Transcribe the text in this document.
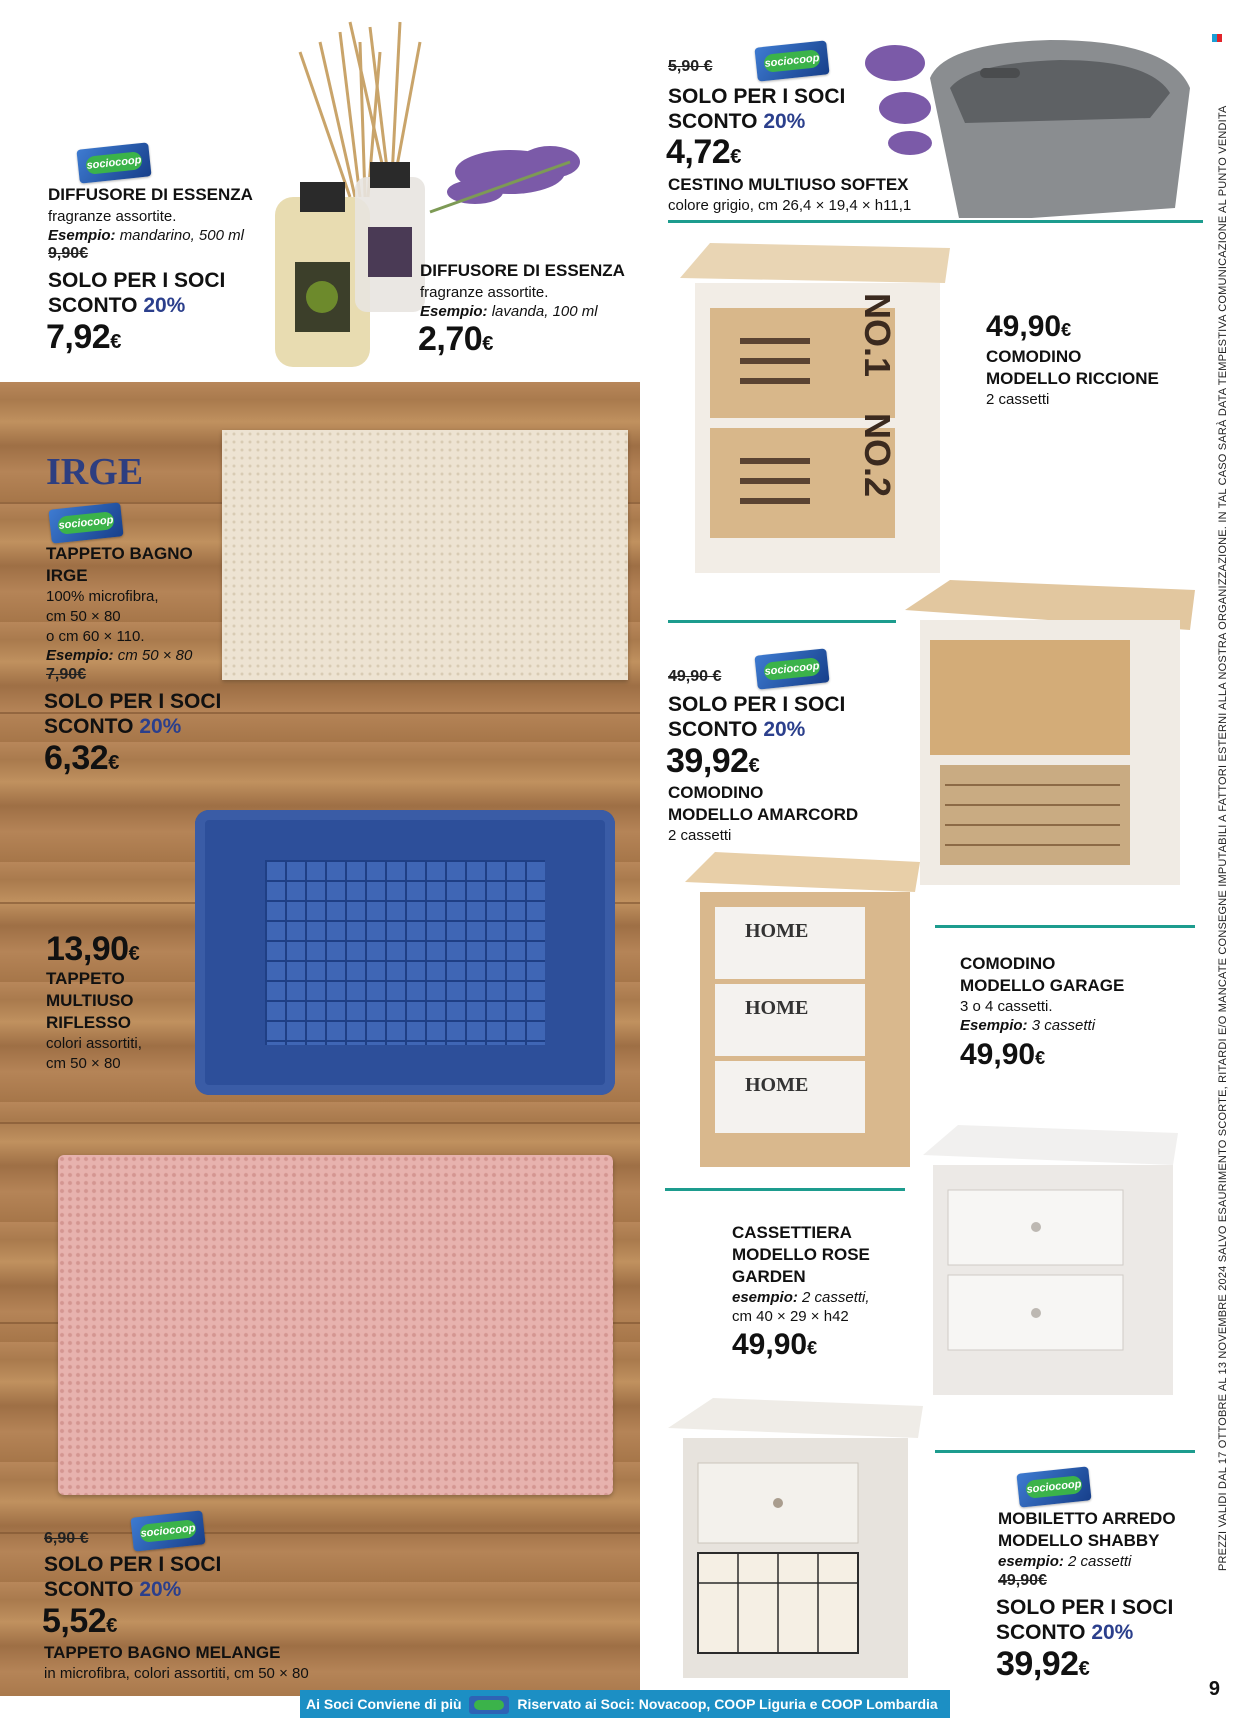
sociocoop
DIFFUSORE DI ESSENZA
fragranze assortite.
Esempio: mandarino, 500 ml
9,90€
SOLO PER I SOCI
SCONTO 20%
7,92€
DIFFUSORE DI ESSENZA
fragranze assortite.
Esempio: lavanda, 100 ml
2,70€
5,90 €	sociocoop
SOLO PER I SOCI
SCONTO 20%
4,72€
CESTINO MULTIUSO SOFTEX
colore grigio, cm 26,4 × 19,4 × h11,1
NO.1
NO.2
49,90€
COMODINO
MODELLO RICCIONE
2 cassetti
IRGE
sociocoop
TAPPETO BAGNO
IRGE
100% microfibra,
cm 50 × 80
o cm 60 × 110.
Esempio: cm 50 × 80
7,90€
SOLO PER I SOCI
SCONTO 20%
6,32€
49,90 €	sociocoop
SOLO PER I SOCI
SCONTO 20%
39,92€
COMODINO
MODELLO AMARCORD
2 cassetti
13,90€
TAPPETO
MULTIUSO
RIFLESSO
colori assortiti,
cm 50 × 80
HOME
HOME
HOME
COMODINO
MODELLO GARAGE
3 o 4 cassetti.
Esempio: 3 cassetti
49,90€
CASSETTIERA
MODELLO ROSE
GARDEN
esempio: 2 cassetti,
cm 40 × 29 × h42
49,90€
6,90 €	sociocoop
SOLO PER I SOCI
SCONTO 20%
5,52€
TAPPETO BAGNO MELANGE
in microfibra, colori assortiti, cm 50 × 80
sociocoop
MOBILETTO ARREDO
MODELLO SHABBY
esempio: 2 cassetti
49,90€
SOLO PER I SOCI
SCONTO 20%
39,92€
PREZZI VALIDI DAL 17 OTTOBRE AL 13 NOVEMBRE 2024 SALVO ESAURIMENTO SCORTE, RITARDI E/O MANCATE CONSEGNE IMPUTABILI A FATTORI ESTERNI ALLA NOSTRA ORGANIZZAZIONE. IN TAL CASO SARÀ DATA TEMPESTIVA COMUNICAZIONE AL PUNTO VENDITA
Ai Soci Conviene di più	Riservato ai Soci: Novacoop, COOP Liguria e COOP Lombardia
9
